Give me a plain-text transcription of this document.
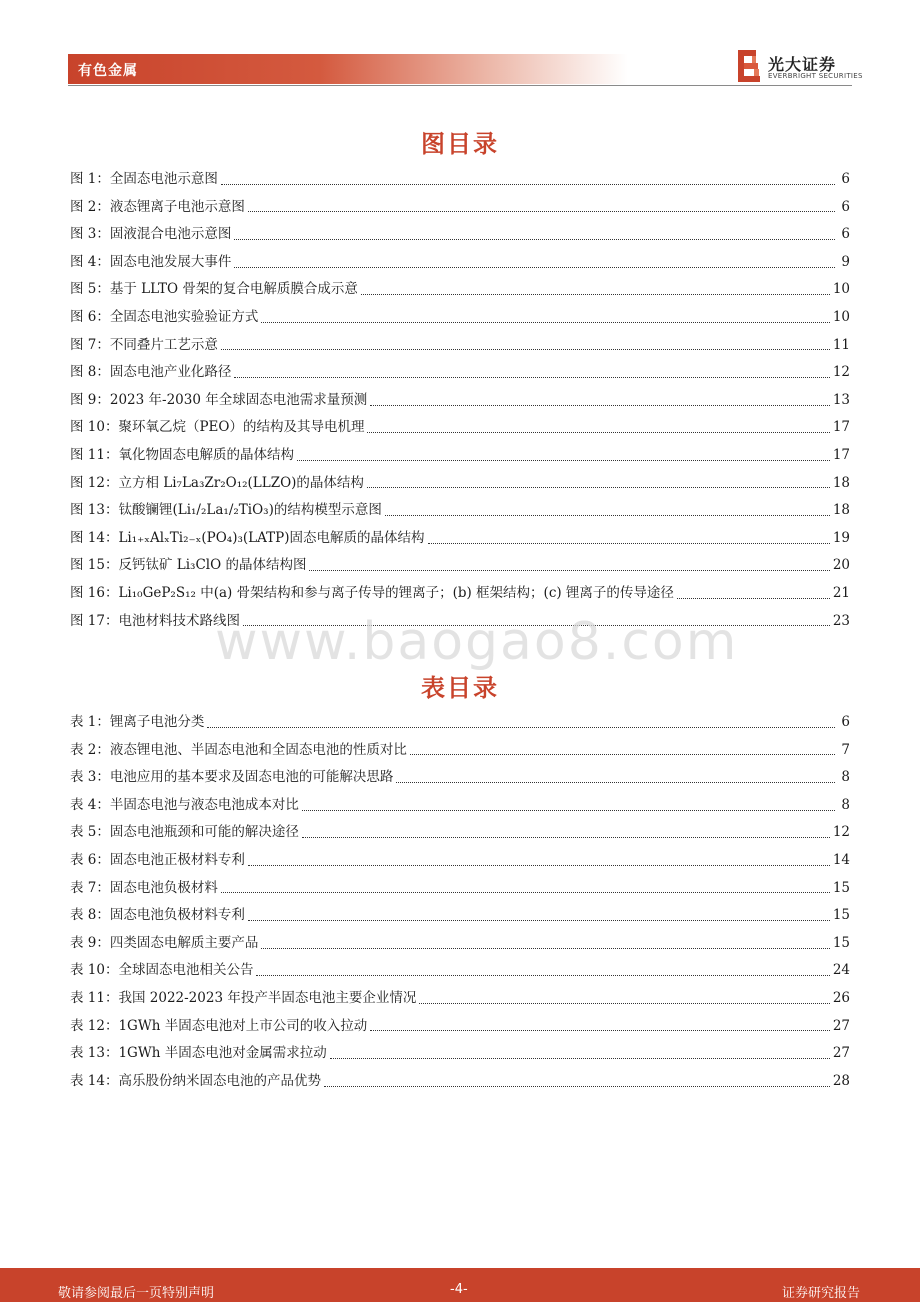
有色金属	光大证券
EVERBRIGHT SECURITIES
图目录
图 1：全固态电池示意图	6
图 2：液态锂离子电池示意图	6
图 3：固液混合电池示意图	6
图 4：固态电池发展大事件	9
图 5：基于 LLTO 骨架的复合电解质膜合成示意	10
图 6：全固态电池实验验证方式	10
图 7：不同叠片工艺示意	11
图 8：固态电池产业化路径	12
图 9：2023 年-2030 年全球固态电池需求量预测	13
图 10：聚环氧乙烷（PEO）的结构及其导电机理	17
图 11：氧化物固态电解质的晶体结构	17
图 12：立方相 Li₇La₃Zr₂O₁₂(LLZO)的晶体结构	18
图 13：钛酸镧锂(Li₁/₂La₁/₂TiO₃)的结构模型示意图	18
图 14：Li₁₊ₓAlₓTi₂₋ₓ(PO₄)₃(LATP)固态电解质的晶体结构	19
图 15：反钙钛矿 Li₃ClO 的晶体结构图	20
图 16：Li₁₀GeP₂S₁₂ 中(a) 骨架结构和参与离子传导的锂离子；(b) 框架结构；(c) 锂离子的传导途径	21
图 17：电池材料技术路线图	23
www.baogao8.com
表目录
表 1：锂离子电池分类	6
表 2：液态锂电池、半固态电池和全固态电池的性质对比	7
表 3：电池应用的基本要求及固态电池的可能解决思路	8
表 4：半固态电池与液态电池成本对比	8
表 5：固态电池瓶颈和可能的解决途径	12
表 6：固态电池正极材料专利	14
表 7：固态电池负极材料	15
表 8：固态电池负极材料专利	15
表 9：四类固态电解质主要产品	15
表 10：全球固态电池相关公告	24
表 11：我国 2022-2023 年投产半固态电池主要企业情况	26
表 12：1GWh 半固态电池对上市公司的收入拉动	27
表 13：1GWh 半固态电池对金属需求拉动	27
表 14：高乐股份纳米固态电池的产品优势	28
敬请参阅最后一页特别声明	-4-	证券研究报告
